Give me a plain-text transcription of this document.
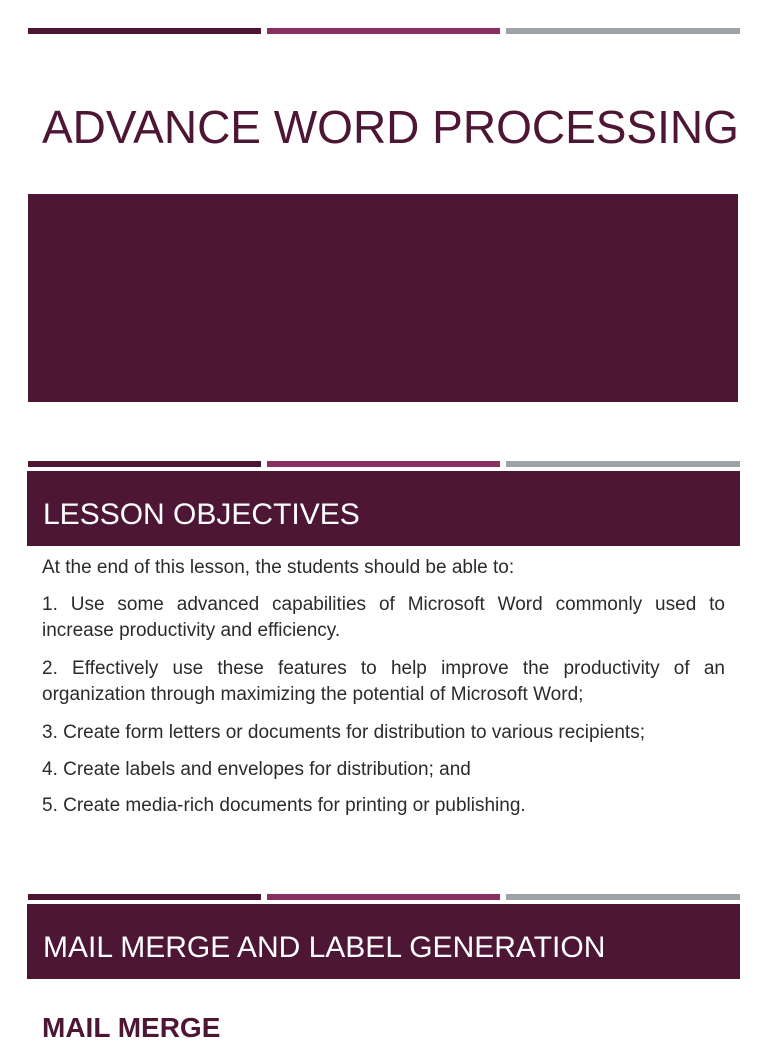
ADVANCE WORD PROCESSING
LESSON OBJECTIVES
At the end of this lesson, the students should be able to:
1. Use some advanced capabilities of Microsoft Word commonly used to increase productivity and efficiency.
2. Effectively use these features to help improve the productivity of an organization through maximizing the potential of Microsoft Word;
3. Create form letters or documents for distribution to various recipients;
4. Create labels and envelopes for distribution; and
5. Create media-rich documents for printing or publishing.
MAIL MERGE AND LABEL GENERATION
MAIL MERGE
